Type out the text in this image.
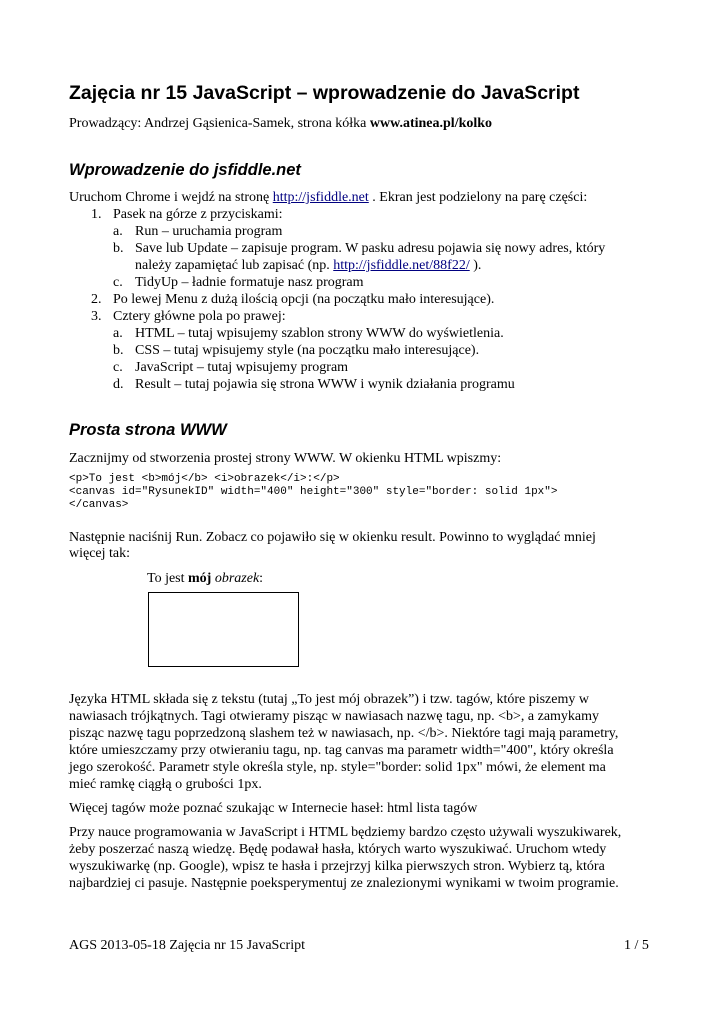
Zajęcia nr 15 JavaScript – wprowadzenie do JavaScript

Prowadzący: Andrzej Gąsienica-Samek, strona kółka www.atinea.pl/kolko

Wprowadzenie do jsfiddle.net

Uruchom Chrome i wejdź na stronę http://jsfiddle.net . Ekran jest podzielony na parę części:

1. Pasek na górze z przyciskami:

a. Run – uruchamia program

b. Save lub Update – zapisuje program. W pasku adresu pojawia się nowy adres, który

należy zapamiętać lub zapisać (np. http://jsfiddle.net/88f22/ ).

c. TidyUp – ładnie formatuje nasz program

2. Po lewej Menu z dużą ilością opcji (na początku mało interesujące).

3. Cztery główne pola po prawej:

a. HTML – tutaj wpisujemy szablon strony WWW do wyświetlenia.

b. CSS – tutaj wpisujemy style (na początku mało interesujące).

c. JavaScript – tutaj wpisujemy program

d. Result – tutaj pojawia się strona WWW i wynik działania programu

Prosta strona WWW

Zacznijmy od stworzenia prostej strony WWW. W okienku HTML wpiszmy:

<p>To jest <b>mój</b> <i>obrazek</i>:</p>
<canvas id="RysunekID" width="400" height="300" style="border: solid 1px">
</canvas>

Następnie naciśnij Run. Zobacz co pojawiło się w okienku result. Powinno to wyglądać mniej

więcej tak:

To jest mój obrazek:

Języka HTML składa się z tekstu (tutaj „To jest mój obrazek”) i tzw. tagów, które piszemy w

nawiasach trójkątnych. Tagi otwieramy pisząc w nawiasach nazwę tagu, np. <b>, a zamykamy

pisząc nazwę tagu poprzedzoną slashem też w nawiasach, np. </b>. Niektóre tagi mają parametry,

które umieszczamy przy otwieraniu tagu, np. tag canvas ma parametr width="400", który określa

jego szerokość. Parametr style określa style, np. style="border: solid 1px" mówi, że element ma

mieć ramkę ciągłą o grubości 1px.

Więcej tagów może poznać szukając w Internecie haseł: html lista tagów

Przy nauce programowania w JavaScript i HTML będziemy bardzo często używali wyszukiwarek,

żeby poszerzać naszą wiedzę. Będę podawał hasła, których warto wyszukiwać. Uruchom wtedy

wyszukiwarkę (np. Google), wpisz te hasła i przejrzyj kilka pierwszych stron. Wybierz tą, która

najbardziej ci pasuje. Następnie poeksperymentuj ze znalezionymi wynikami w twoim programie.

AGS 2013-05-18 Zajęcia nr 15 JavaScript	1 / 5
